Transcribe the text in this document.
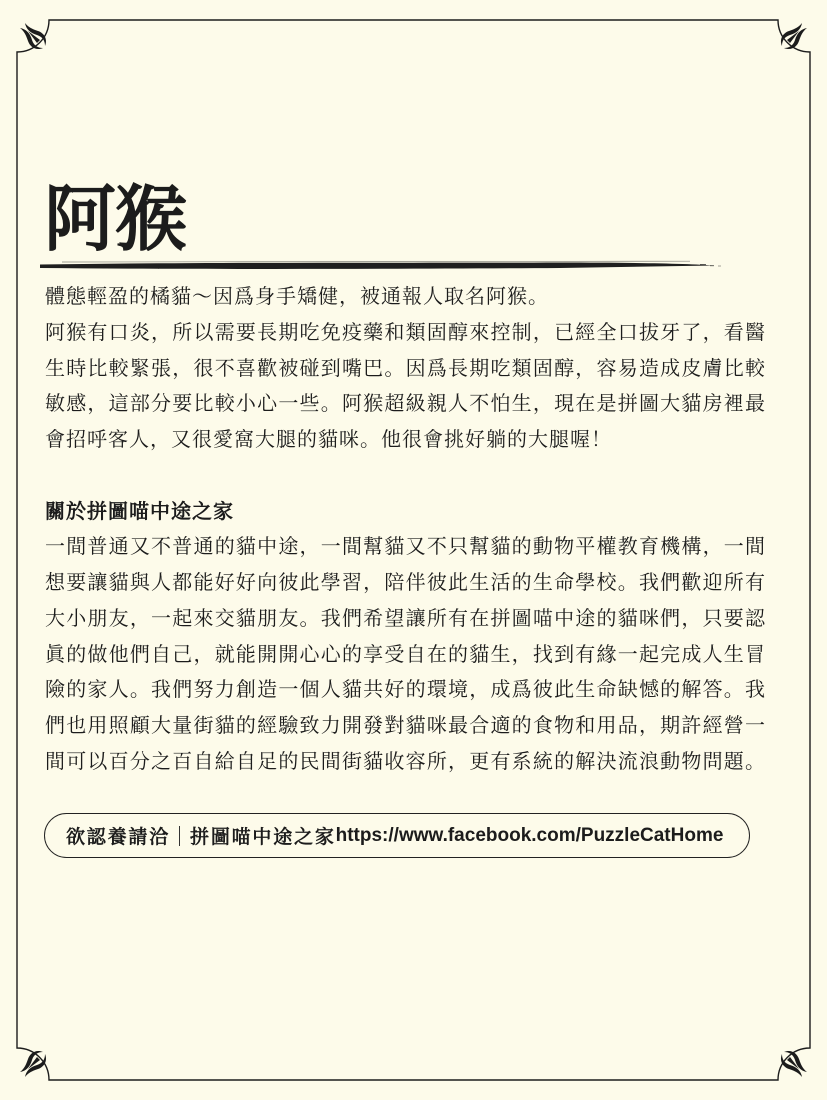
阿猴
體態輕盈的橘貓～因爲身手矯健，被通報人取名阿猴。
阿猴有口炎，所以需要長期吃免疫藥和類固醇來控制，已經全口拔牙了，看醫
生時比較緊張，很不喜歡被碰到嘴巴。因爲長期吃類固醇，容易造成皮膚比較
敏感，這部分要比較小心一些。阿猴超級親人不怕生，現在是拼圖大貓房裡最
會招呼客人，又很愛窩大腿的貓咪。他很會挑好躺的大腿喔！
關於拼圖喵中途之家
一間普通又不普通的貓中途，一間幫貓又不只幫貓的動物平權教育機構，一間
想要讓貓與人都能好好向彼此學習，陪伴彼此生活的生命學校。我們歡迎所有
大小朋友，一起來交貓朋友。我們希望讓所有在拼圖喵中途的貓咪們，只要認
眞的做他們自己，就能開開心心的享受自在的貓生，找到有緣一起完成人生冒
險的家人。我們努力創造一個人貓共好的環境，成爲彼此生命缺憾的解答。我
們也用照顧大量街貓的經驗致力開發對貓咪最合適的食物和用品，期許經營一
間可以百分之百自給自足的民間街貓收容所，更有系統的解決流浪動物問題。
欲認養請洽 拼圖喵中途之家 https://www.facebook.com/PuzzleCatHome
